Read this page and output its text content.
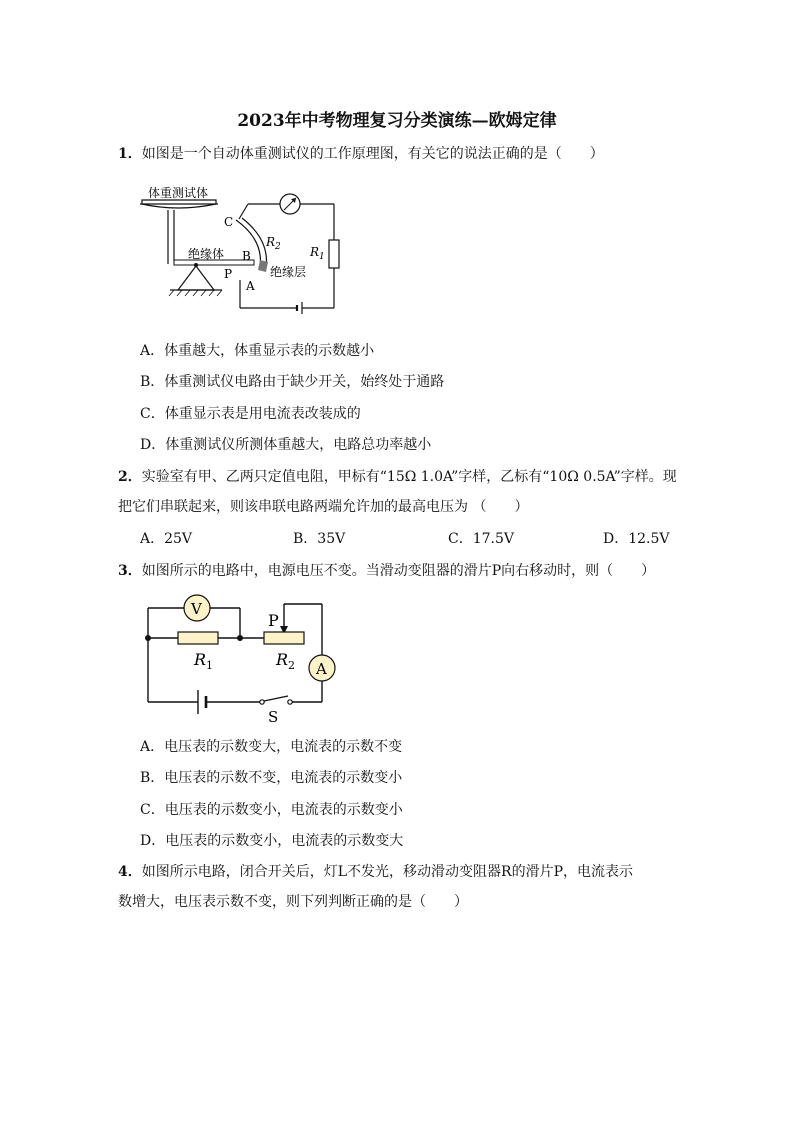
2023年中考物理复习分类演练—欧姆定律
1．如图是一个自动体重测试仪的工作原理图，有关它的说法正确的是（　　）
体重测试体
绝缘体
P
C
B
A
$R_2$
绝缘层
$R_1$
A．体重越大，体重显示表的示数越小
B．体重测试仪电路由于缺少开关，始终处于通路
C．体重显示表是用电流表改装成的
D．体重测试仪所测体重越大，电路总功率越小
2．实验室有甲、乙两只定值电阻，甲标有“15Ω 1.0A”字样，乙标有“10Ω 0.5A”字样。现
把它们串联起来，则该串联电路两端允许加的最高电压为 （　　）
A．25V	B．35V	C．17.5V	D．12.5V
3．如图所示的电路中，电源电压不变。当滑动变阻器的滑片P向右移动时，则（　　）
S
A
P
$R_1$	$R_2$
V
A．电压表的示数变大，电流表的示数不变
B．电压表的示数不变，电流表的示数变小
C．电压表的示数变小，电流表的示数变小
D．电压表的示数变小，电流表的示数变大
4．如图所示电路，闭合开关后，灯L不发光，移动滑动变阻器R的滑片P，电流表示
数增大，电压表示数不变，则下列判断正确的是（　　）
